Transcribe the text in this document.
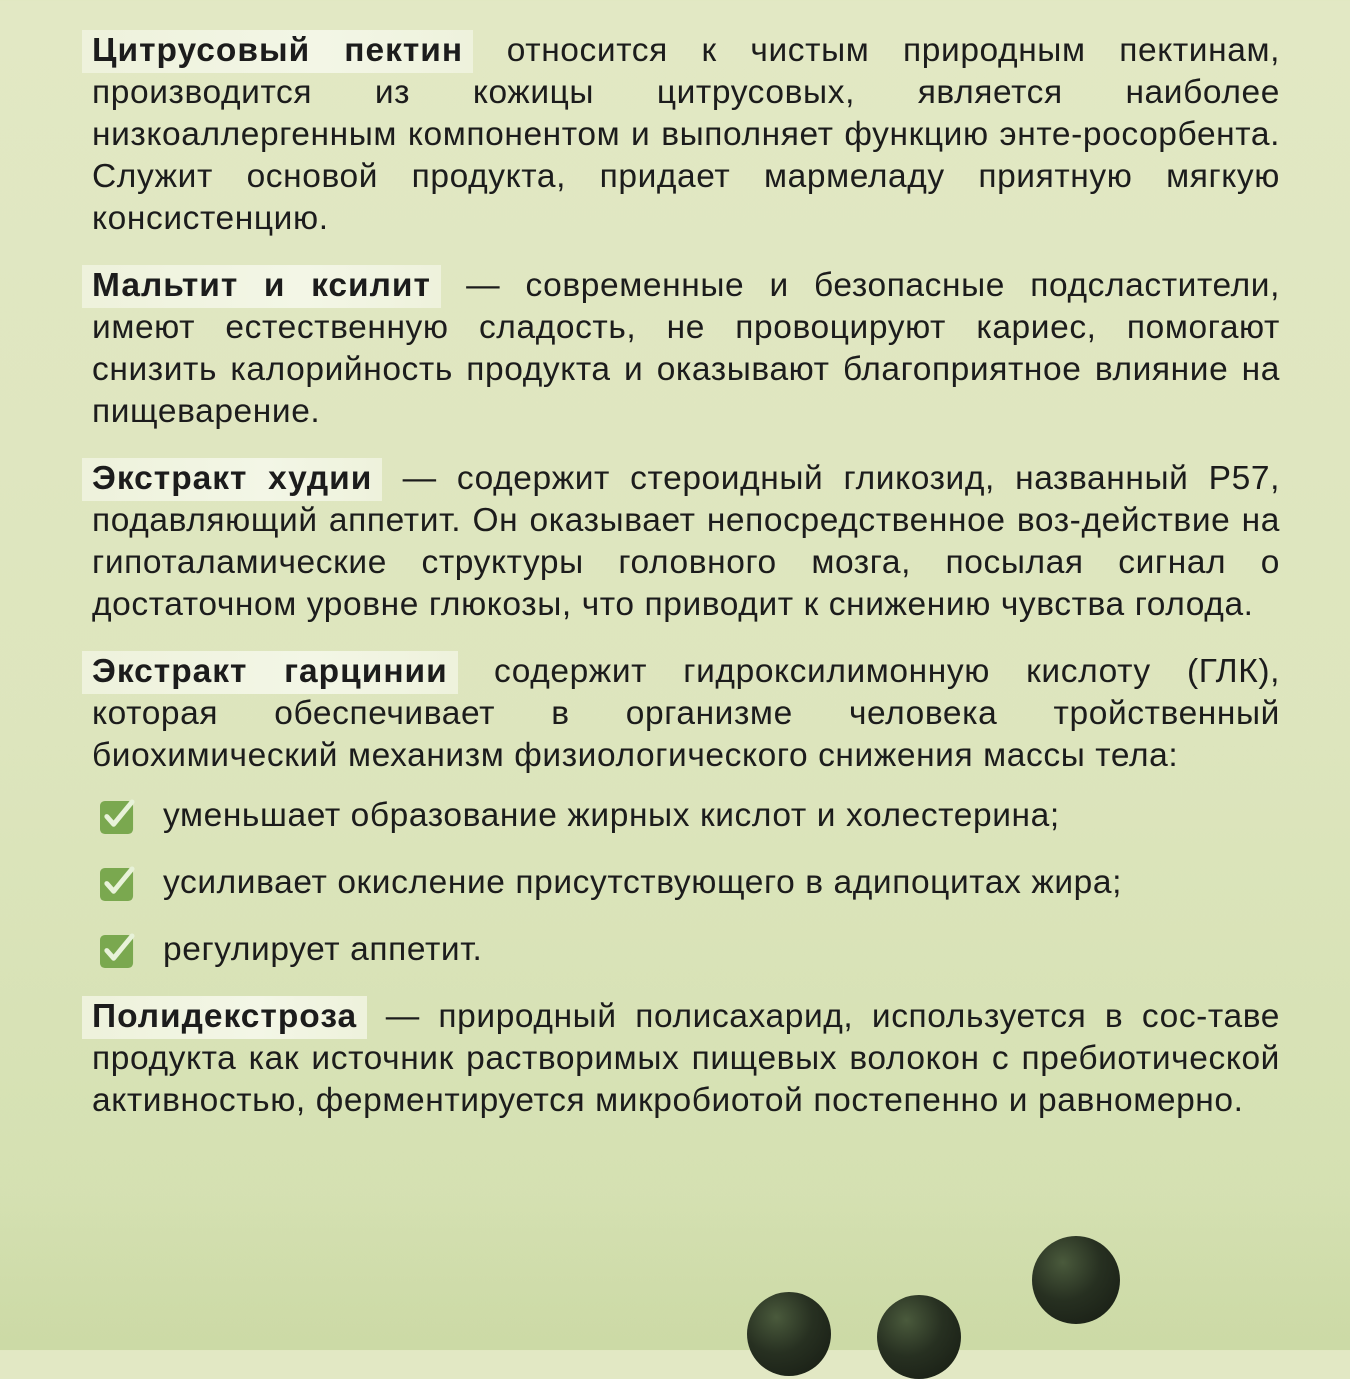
Цитрусовый пектин относится к чистым природным пектинам, производится из кожицы цитрусовых, является наиболее низкоаллергенным компонентом и выполняет функцию энте-росорбента. Служит основой продукта, придает мармеладу приятную мягкую консистенцию.

Мальтит и ксилит — современные и безопасные подсластители, имеют естественную сладость, не провоцируют кариес, помогают снизить калорийность продукта и оказывают благоприятное влияние на пищеварение.

Экстракт худии — содержит стероидный гликозид, названный P57, подавляющий аппетит. Он оказывает непосредственное воз-действие на гипоталамические структуры головного мозга, посылая сигнал о достаточном уровне глюкозы, что приводит к снижению чувства голода.

Экстракт гарцинии содержит гидроксилимонную кислоту (ГЛК), которая обеспечивает в организме человека тройственный биохимический механизм физиологического снижения массы тела:

уменьшает образование жирных кислот и холестерина;
усиливает окисление присутствующего в адипоцитах жира;
регулирует аппетит.

Полидекстроза — природный полисахарид, используется в сос-таве продукта как источник растворимых пищевых волокон с пребиотической активностью, ферментируется микробиотой постепенно и равномерно.
